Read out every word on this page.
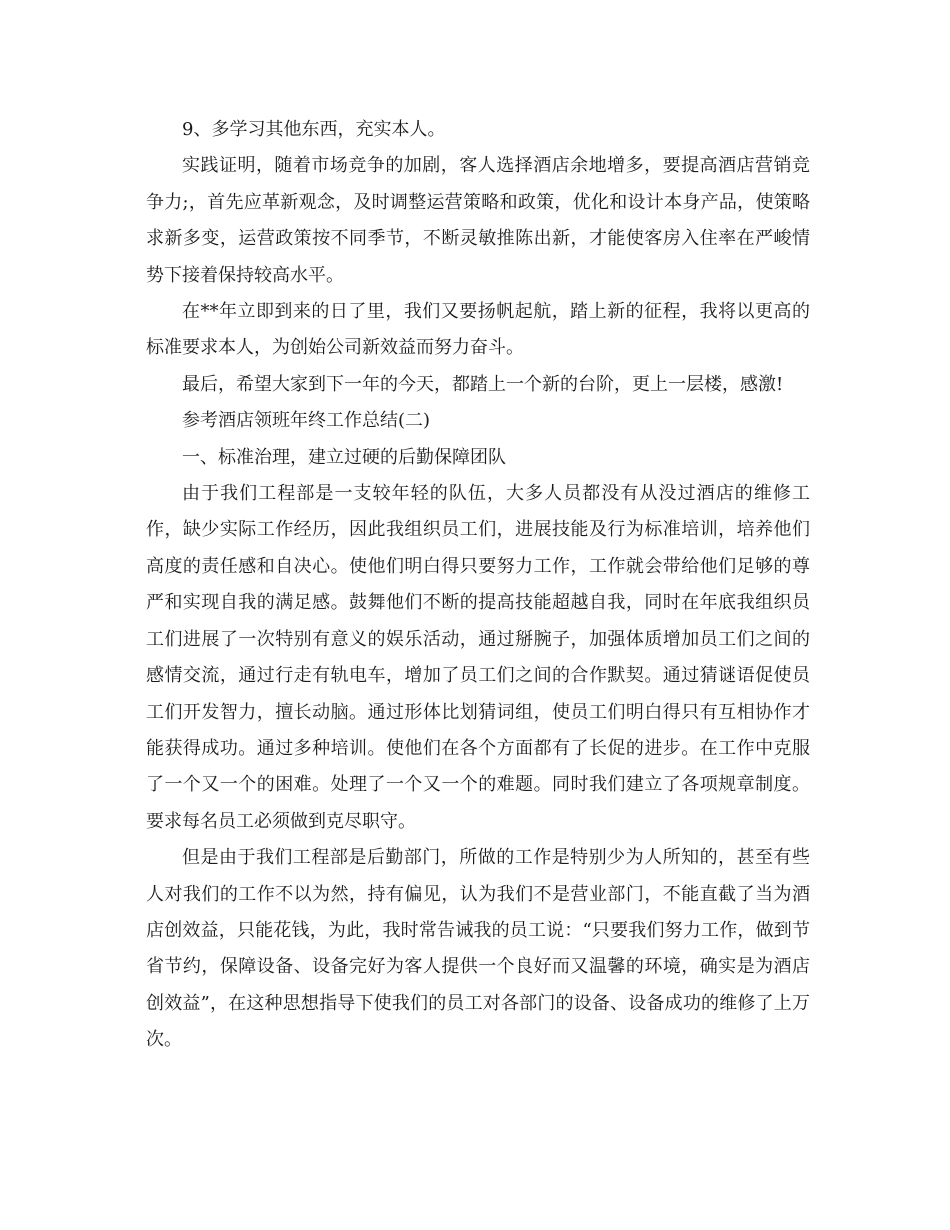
9、多学习其他东西，充实本人。

实践证明，随着市场竞争的加剧，客人选择酒店余地增多，要提高酒店营销竞争力;，首先应革新观念，及时调整运营策略和政策，优化和设计本身产品，使策略求新多变，运营政策按不同季节，不断灵敏推陈出新，才能使客房入住率在严峻情势下接着保持较高水平。

在**年立即到来的日了里，我们又要扬帆起航，踏上新的征程，我将以更高的标准要求本人，为创始公司新效益而努力奋斗。

最后，希望大家到下一年的今天，都踏上一个新的台阶，更上一层楼，感激!

参考酒店领班年终工作总结(二)

一、标准治理，建立过硬的后勤保障团队

由于我们工程部是一支较年轻的队伍，大多人员都没有从没过酒店的维修工作，缺少实际工作经历，因此我组织员工们，进展技能及行为标准培训，培养他们高度的责任感和自决心。使他们明白得只要努力工作，工作就会带给他们足够的尊严和实现自我的满足感。鼓舞他们不断的提高技能超越自我，同时在年底我组织员工们进展了一次特别有意义的娱乐活动，通过掰腕子，加强体质增加员工们之间的感情交流，通过行走有轨电车，增加了员工们之间的合作默契。通过猜谜语促使员工们开发智力，擅长动脑。通过形体比划猜词组，使员工们明白得只有互相协作才能获得成功。通过多种培训。使他们在各个方面都有了长促的进步。在工作中克服了一个又一个的困难。处理了一个又一个的难题。同时我们建立了各项规章制度。要求每名员工必须做到克尽职守。

但是由于我们工程部是后勤部门，所做的工作是特别少为人所知的，甚至有些人对我们的工作不以为然，持有偏见，认为我们不是营业部门，不能直截了当为酒店创效益，只能花钱，为此，我时常告诫我的员工说：“只要我们努力工作，做到节省节约，保障设备、设备完好为客人提供一个良好而又温馨的环境，确实是为酒店创效益”，在这种思想指导下使我们的员工对各部门的设备、设备成功的维修了上万次。
